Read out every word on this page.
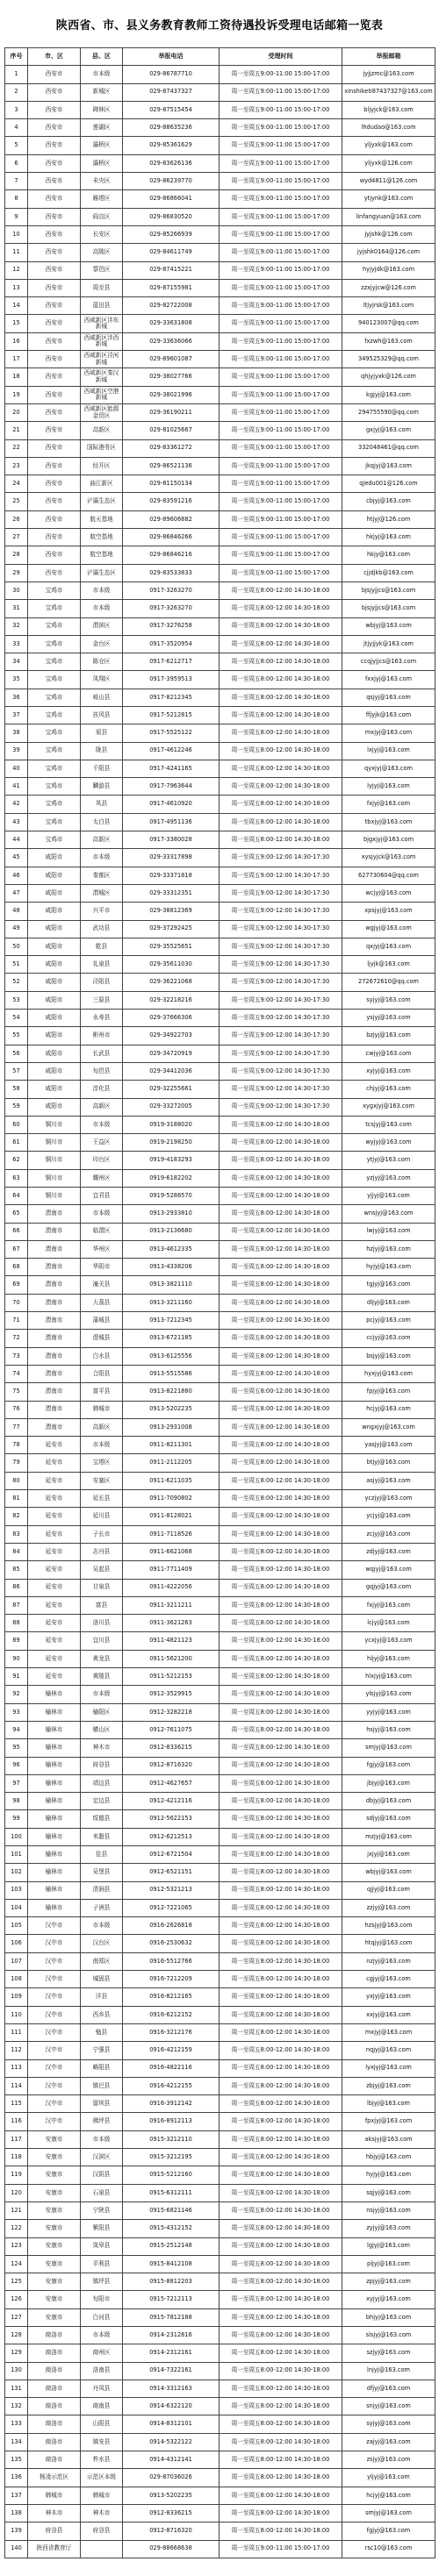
陕西省、市、县义务教育教师工资待遇投诉受理电话邮箱一览表
序号	市、区	县、区	举报电话	受理时间	举报邮箱
1	西安市	市本级	029-86787710	周一至周五9:00-11:00 15:00-17:00	jyjjzmc@163.com
2	西安市	新城区	029-87437327	周一至周五9:00-11:00 15:00-17:00	xinshiketi87437327@163.com
3	西安市	碑林区	029-87515454	周一至周五9:00-11:00 15:00-17:00	bljyjck@163.com
4	西安市	莲湖区	029-88635236	周一至周五9:00-11:00 15:00-17:00	lhdudao@163.com
5	西安市	灞桥区	029-85361629	周一至周五9:00-11:00 15:00-17:00	yljyxk@163.com
6	西安市	灞桥区	029-83626136	周一至周五9:00-11:00 15:00-17:00	yljyxk@126.com
7	西安市	未央区	029-86239770	周一至周五9:00-11:00 15:00-17:00	wyd4811@126.com
8	西安市	雁塔区	029-86866041	周一至周五9:00-11:00 15:00-17:00	ytjynk@163.com
9	西安市	阎良区	029-86830520	周一至周五9:00-11:00 15:00-17:00	linfangyuan@163.com
10	西安市	长安区	029-85266939	周一至周五9:00-11:00 15:00-17:00	jyjshk@126.com
11	西安市	高陵区	029-84611749	周一至周五9:00-11:00 15:00-17:00	jyjshk0164@126.com
12	西安市	鄠邑区	029-87415221	周一至周五9:00-11:00 15:00-17:00	hyjyjdk@163.com
13	西安市	周至县	029-87155981	周一至周五9:00-11:00 15:00-17:00	zzxjyjcw@126.com
14	西安市	蓝田县	029-82722008	周一至周五9:00-11:00 15:00-17:00	ltjyjrsk@163.com
15	西安市	西咸新区沣东新城	029-33631808	周一至周五9:00-11:00 15:00-17:00	940123007@qq.com
16	西安市	西咸新区沣西新城	029-33636066	周一至周五9:00-11:00 15:00-17:00	fxzwh@163.com
17	西安市	西咸新区泾河新城	029-89601087	周一至周五9:00-11:00 15:00-17:00	349525329@qq.com
18	西安市	西咸新区秦汉新城	029-38027766	周一至周五9:00-11:00 15:00-17:00	qhjyjyxk@126.com
19	西安市	西咸新区空港新城	029-38021996	周一至周五9:00-11:00 15:00-17:00	kgjyj@163.com
20	西安市	西咸新区能源金贸区	029-36190211	周一至周五9:00-11:00 15:00-17:00	294755590@qq.com
21	西安市	高新区	029-81025667	周一至周五9:00-11:00 15:00-17:00	gxjyj@163.com
22	西安市	国际港务区	029-83361272	周一至周五9:00-11:00 15:00-17:00	332048461@qq.com
23	西安市	经开区	029-86521136	周一至周五9:00-11:00 15:00-17:00	jkqjyj@163.com
24	西安市	曲江新区	029-81150134	周一至周五9:00-11:00 15:00-17:00	qjedu001@126.com
25	西安市	浐灞生态区	029-83591216	周一至周五9:00-11:00 15:00-17:00	cbjyj@163.com
26	西安市	航天基地	029-89606882	周一至周五9:00-11:00 15:00-17:00	htjyj@126.com
27	西安市	航空基地	029-86846266	周一至周五9:00-11:00 15:00-17:00	hkjyj@163.com
28	西安市	航空基地	029-86846216	周一至周五9:00-11:00 15:00-17:00	hkjy@163.com
29	西安市	浐灞生态区	029-83533833	周一至周五9:00-11:00 15:00-17:00	cjjdjkb@163.com
30	宝鸡市	市本级	0917-3263270	周一至周五8:00-12:00 14:30-18:00	bjsjyjjcs@163.com
31	宝鸡市	市本级	0917-3263270	周一至周五8:00-12:00 14:30-18:00	bjsjyjjcs@163.com
32	宝鸡市	渭滨区	0917-3276258	周一至周五8:00-12:00 14:30-18:00	wbjyj@163.com
33	宝鸡市	金台区	0917-3520954	周一至周五8:00-12:00 14:30-18:00	jtjyjjyk@163.com
34	宝鸡市	陈仓区	0917-6212717	周一至周五8:00-12:00 14:30-18:00	ccqjyjjcs@163.com
35	宝鸡市	凤翔区	0917-3959513	周一至周五8:00-12:00 14:30-18:00	fxxjyj@163.com
36	宝鸡市	岐山县	0917-8212345	周一至周五8:00-12:00 14:30-18:00	qsjyj@163.com
37	宝鸡市	扶风县	0917-5212815	周一至周五8:00-12:00 14:30-18:00	ffjyjk@163.com
38	宝鸡市	眉县	0917-5525122	周一至周五8:00-12:00 14:30-18:00	mxjyj@163.com
39	宝鸡市	陇县	0917-4612246	周一至周五8:00-12:00 14:30-18:00	lxjyj@163.com
40	宝鸡市	千阳县	0917-4241165	周一至周五8:00-12:00 14:30-18:00	qyxjyj@163.com
41	宝鸡市	麟游县	0917-7963644	周一至周五8:00-12:00 14:30-18:00	lyjyj@163.com
42	宝鸡市	凤县	0917-4610920	周一至周五8:00-12:00 14:30-18:00	fxjyj@163.com
43	宝鸡市	太白县	0917-4951136	周一至周五8:00-12:00 14:30-18:00	tbxjyj@163.com
44	宝鸡市	高新区	0917-3380028	周一至周五8:00-12:00 14:30-18:00	bjgxjyj@163.com
45	咸阳市	市本级	029-33317898	周一至周五9:00-12:00 14:30-17:30	xysjyjck@163.com
46	咸阳市	秦都区	029-33371818	周一至周五9:00-12:00 14:30-17:30	627730604@qq.com
47	咸阳市	渭城区	029-33312351	周一至周五9:00-12:00 14:30-17:30	wcjyj@163.com
48	咸阳市	兴平市	029-38812369	周一至周五9:00-12:00 14:30-17:30	xpsjyj@163.com
49	咸阳市	武功县	029-37292425	周一至周五9:00-12:00 14:30-17:30	wgjyj@163.com
50	咸阳市	乾县	029-35525651	周一至周五9:00-12:00 14:30-17:30	qxjyj@163.com
51	咸阳市	礼泉县	029-35611030	周一至周五9:00-12:00 14:30-17:30	ljyjk@163.com
52	咸阳市	泾阳县	029-36221068	周一至周五9:00-12:00 14:30-17:30	272672610@qq.com
53	咸阳市	三原县	029-32218216	周一至周五9:00-12:00 14:30-17:30	syjyj@163.com
54	咸阳市	永寿县	029-37666306	周一至周五9:00-12:00 14:30-17:30	ysjyj@163.com
55	咸阳市	彬州市	029-34922703	周一至周五9:00-12:00 14:30-17:30	bzjyj@163.com
56	咸阳市	长武县	029-34720919	周一至周五9:00-12:00 14:30-17:30	cwjyj@163.com
57	咸阳市	旬邑县	029-34412036	周一至周五9:00-12:00 14:30-17:30	xyjyj@163.com
58	咸阳市	淳化县	029-32255661	周一至周五9:00-12:00 14:30-17:30	chjyj@163.com
59	咸阳市	高新区	029-33272005	周一至周五9:00-12:00 14:30-17:30	xygxjyj@163.com
60	铜川市	市本级	0919-3188020	周一至周五8:00-12:00 14:30-18:00	tcsjyj@163.com
61	铜川市	王益区	0919-2198250	周一至周五8:00-12:00 14:30-18:00	wyjyj@163.com
62	铜川市	印台区	0919-4183293	周一至周五8:00-12:00 14:30-18:00	ytjyj@163.com
63	铜川市	耀州区	0919-6182202	周一至周五8:00-12:00 14:30-18:00	yzjyj@163.com
64	铜川市	宜君县	0919-5288570	周一至周五8:00-12:00 14:30-18:00	yjjyj@163.com
65	渭南市	市本级	0913-2933810	周一至周五8:00-12:00 14:30-18:00	wnsjyj@163.com
66	渭南市	临渭区	0913-2136680	周一至周五8:00-12:00 14:30-18:00	lwjyj@163.com
67	渭南市	华州区	0913-4612335	周一至周五8:00-12:00 14:30-18:00	hzjyj@163.com
68	渭南市	华阴市	0913-4338206	周一至周五8:00-12:00 14:30-18:00	hyjyj@163.com
69	渭南市	潼关县	0913-3821110	周一至周五8:00-12:00 14:30-18:00	tgjyj@163.com
70	渭南市	大荔县	0913-3211160	周一至周五8:00-12:00 14:30-18:00	dljyj@163.com
71	渭南市	蒲城县	0913-7212345	周一至周五8:00-12:00 14:30-18:00	pcjyj@163.com
72	渭南市	澄城县	0913-6721185	周一至周五8:00-12:00 14:30-18:00	ccjyj@163.com
73	渭南市	白水县	0913-6125556	周一至周五8:00-12:00 14:30-18:00	bsjyj@163.com
74	渭南市	合阳县	0913-5515586	周一至周五8:00-12:00 14:30-18:00	hyxjyj@163.com
75	渭南市	富平县	0913-8221880	周一至周五8:00-12:00 14:30-18:00	fpjyj@163.com
76	渭南市	韩城市	0913-5202235	周一至周五8:00-12:00 14:30-18:00	hcjyj@163.com
77	渭南市	高新区	0913-2931008	周一至周五8:00-12:00 14:30-18:00	wngxjyj@163.com
78	延安市	市本级	0911-8211301	周一至周五8:00-12:00 14:30-18:00	yasjyj@163.com
79	延安市	宝塔区	0911-2112205	周一至周五8:00-12:00 14:30-18:00	btjyj@163.com
80	延安市	安塞区	0911-6211035	周一至周五8:00-12:00 14:30-18:00	asjyj@163.com
81	延安市	延长县	0911-7090802	周一至周五8:00-12:00 14:30-18:00	yczjyj@163.com
82	延安市	延川县	0911-8128021	周一至周五8:00-12:00 14:30-18:00	ycjyj@163.com
83	延安市	子长市	0911-7118526	周一至周五8:00-12:00 14:30-18:00	zcjyj@163.com
84	延安市	志丹县	0911-6621068	周一至周五8:00-12:00 14:30-18:00	zdjyj@163.com
85	延安市	吴起县	0911-7711409	周一至周五8:00-12:00 14:30-18:00	wqjyj@163.com
86	延安市	甘泉县	0911-4222056	周一至周五8:00-12:00 14:30-18:00	gqjyj@163.com
87	延安市	富县	0911-3211211	周一至周五8:00-12:00 14:30-18:00	fxjyj@163.com
88	延安市	洛川县	0911-3621263	周一至周五8:00-12:00 14:30-18:00	lcjyj@163.com
89	延安市	宜川县	0911-4821123	周一至周五8:00-12:00 14:30-18:00	ycxjyj@163.com
90	延安市	黄龙县	0911-5621200	周一至周五8:00-12:00 14:30-18:00	hljyj@163.com
91	延安市	黄陵县	0911-5212153	周一至周五8:00-12:00 14:30-18:00	hlxjyj@163.com
92	榆林市	市本级	0912-3529915	周一至周五8:00-12:00 14:30-18:00	ylsjyj@163.com
93	榆林市	榆阳区	0912-3282218	周一至周五8:00-12:00 14:30-18:00	yyjyj@163.com
94	榆林市	横山区	0912-7611075	周一至周五8:00-12:00 14:30-18:00	hsjyj@163.com
95	榆林市	神木市	0912-8336215	周一至周五8:00-12:00 14:30-18:00	smjyj@163.com
96	榆林市	府谷县	0912-8716320	周一至周五8:00-12:00 14:30-18:00	fgjyj@163.com
97	榆林市	靖边县	0912-4627657	周一至周五8:00-12:00 14:30-18:00	jbjyj@163.com
98	榆林市	定边县	0912-4212116	周一至周五8:00-12:00 14:30-18:00	dbjyj@163.com
99	榆林市	绥德县	0912-5622153	周一至周五8:00-12:00 14:30-18:00	sdjyj@163.com
100	榆林市	米脂县	0912-6212513	周一至周五8:00-12:00 14:30-18:00	mzjyj@163.com
101	榆林市	佳县	0912-6721504	周一至周五8:00-12:00 14:30-18:00	jxjyj@163.com
102	榆林市	吴堡县	0912-6521151	周一至周五8:00-12:00 14:30-18:00	wbjyj@163.com
103	榆林市	清涧县	0912-5321213	周一至周五8:00-12:00 14:30-18:00	qjjyj@163.com
104	榆林市	子洲县	0912-7221065	周一至周五8:00-12:00 14:30-18:00	zzjyj@163.com
105	汉中市	市本级	0916-2626818	周一至周五8:00-12:00 14:30-18:00	hzsjyj@163.com
106	汉中市	汉台区	0916-2530632	周一至周五8:00-12:00 14:30-18:00	htqjyj@163.com
107	汉中市	南郑区	0916-5512766	周一至周五8:00-12:00 14:30-18:00	nzjyj@163.com
108	汉中市	城固县	0916-7212209	周一至周五8:00-12:00 14:30-18:00	cgjyj@163.com
109	汉中市	洋县	0916-8212165	周一至周五8:00-12:00 14:30-18:00	yxjyj@163.com
110	汉中市	西乡县	0916-6212152	周一至周五8:00-12:00 14:30-18:00	xxjyj@163.com
111	汉中市	勉县	0916-3212176	周一至周五8:00-12:00 14:30-18:00	mxjyj@163.com
112	汉中市	宁强县	0916-4212159	周一至周五8:00-12:00 14:30-18:00	nqjyj@163.com
113	汉中市	略阳县	0916-4822116	周一至周五8:00-12:00 14:30-18:00	lyxjyj@163.com
114	汉中市	镇巴县	0916-4212155	周一至周五8:00-12:00 14:30-18:00	zbjyj@163.com
115	汉中市	留坝县	0916-3912142	周一至周五8:00-12:00 14:30-18:00	lbjyj@163.com
116	汉中市	佛坪县	0916-8912113	周一至周五8:00-12:00 14:30-18:00	fpxjyj@163.com
117	安康市	市本级	0915-3212110	周一至周五8:00-12:00 14:30-18:00	aksjyj@163.com
118	安康市	汉滨区	0915-3212195	周一至周五8:00-12:00 14:30-18:00	hbjyj@163.com
119	安康市	汉阴县	0915-5212160	周一至周五8:00-12:00 14:30-18:00	hyjyj@163.com
120	安康市	石泉县	0915-6312111	周一至周五8:00-12:00 14:30-18:00	sqjyj@163.com
121	安康市	宁陕县	0915-6821146	周一至周五8:00-12:00 14:30-18:00	nsjyj@163.com
122	安康市	紫阳县	0915-4312152	周一至周五8:00-12:00 14:30-18:00	zyjyj@163.com
123	安康市	岚皋县	0915-2512148	周一至周五8:00-12:00 14:30-18:00	lgjyj@163.com
124	安康市	平利县	0915-8412108	周一至周五8:00-12:00 14:30-18:00	pljyj@163.com
125	安康市	镇坪县	0915-8812203	周一至周五8:00-12:00 14:30-18:00	zpjyj@163.com
126	安康市	旬阳市	0915-7212113	周一至周五8:00-12:00 14:30-18:00	xyjyj@163.com
127	安康市	白河县	0915-7812188	周一至周五8:00-12:00 14:30-18:00	bhjyj@163.com
128	商洛市	市本级	0914-2312816	周一至周五8:00-12:00 14:30-18:00	slsjyj@163.com
129	商洛市	商州区	0914-2312161	周一至周五8:00-12:00 14:30-18:00	szjyj@163.com
130	商洛市	洛南县	0914-7322161	周一至周五8:00-12:00 14:30-18:00	lnjyj@163.com
131	商洛市	丹凤县	0914-3312163	周一至周五8:00-12:00 14:30-18:00	dfjyj@163.com
132	商洛市	商南县	0914-6322120	周一至周五8:00-12:00 14:30-18:00	snjyj@163.com
133	商洛市	山阳县	0914-8312101	周一至周五8:00-12:00 14:30-18:00	syjyj@163.com
134	商洛市	镇安县	0914-5322122	周一至周五8:00-12:00 14:30-18:00	zajyj@163.com
135	商洛市	柞水县	0914-4312141	周一至周五8:00-12:00 14:30-18:00	zsjyj@163.com
136	杨凌示范区	示范区本级	029-87036026	周一至周五8:00-12:00 14:30-18:00	yljyj@163.com
137	韩城市	韩城市	0913-5202235	周一至周五8:00-12:00 14:30-18:00	hcjyj@163.com
138	神木市	神木市	0912-8336215	周一至周五8:00-12:00 14:30-18:00	smjyj@163.com
139	府谷县	府谷县	0912-8716320	周一至周五8:00-12:00 14:30-18:00	fgjyj@163.com
140	陕西省教育厅		029-88668638	周一至周五9:00-11:00 15:00-17:00	rsc10@163.com
